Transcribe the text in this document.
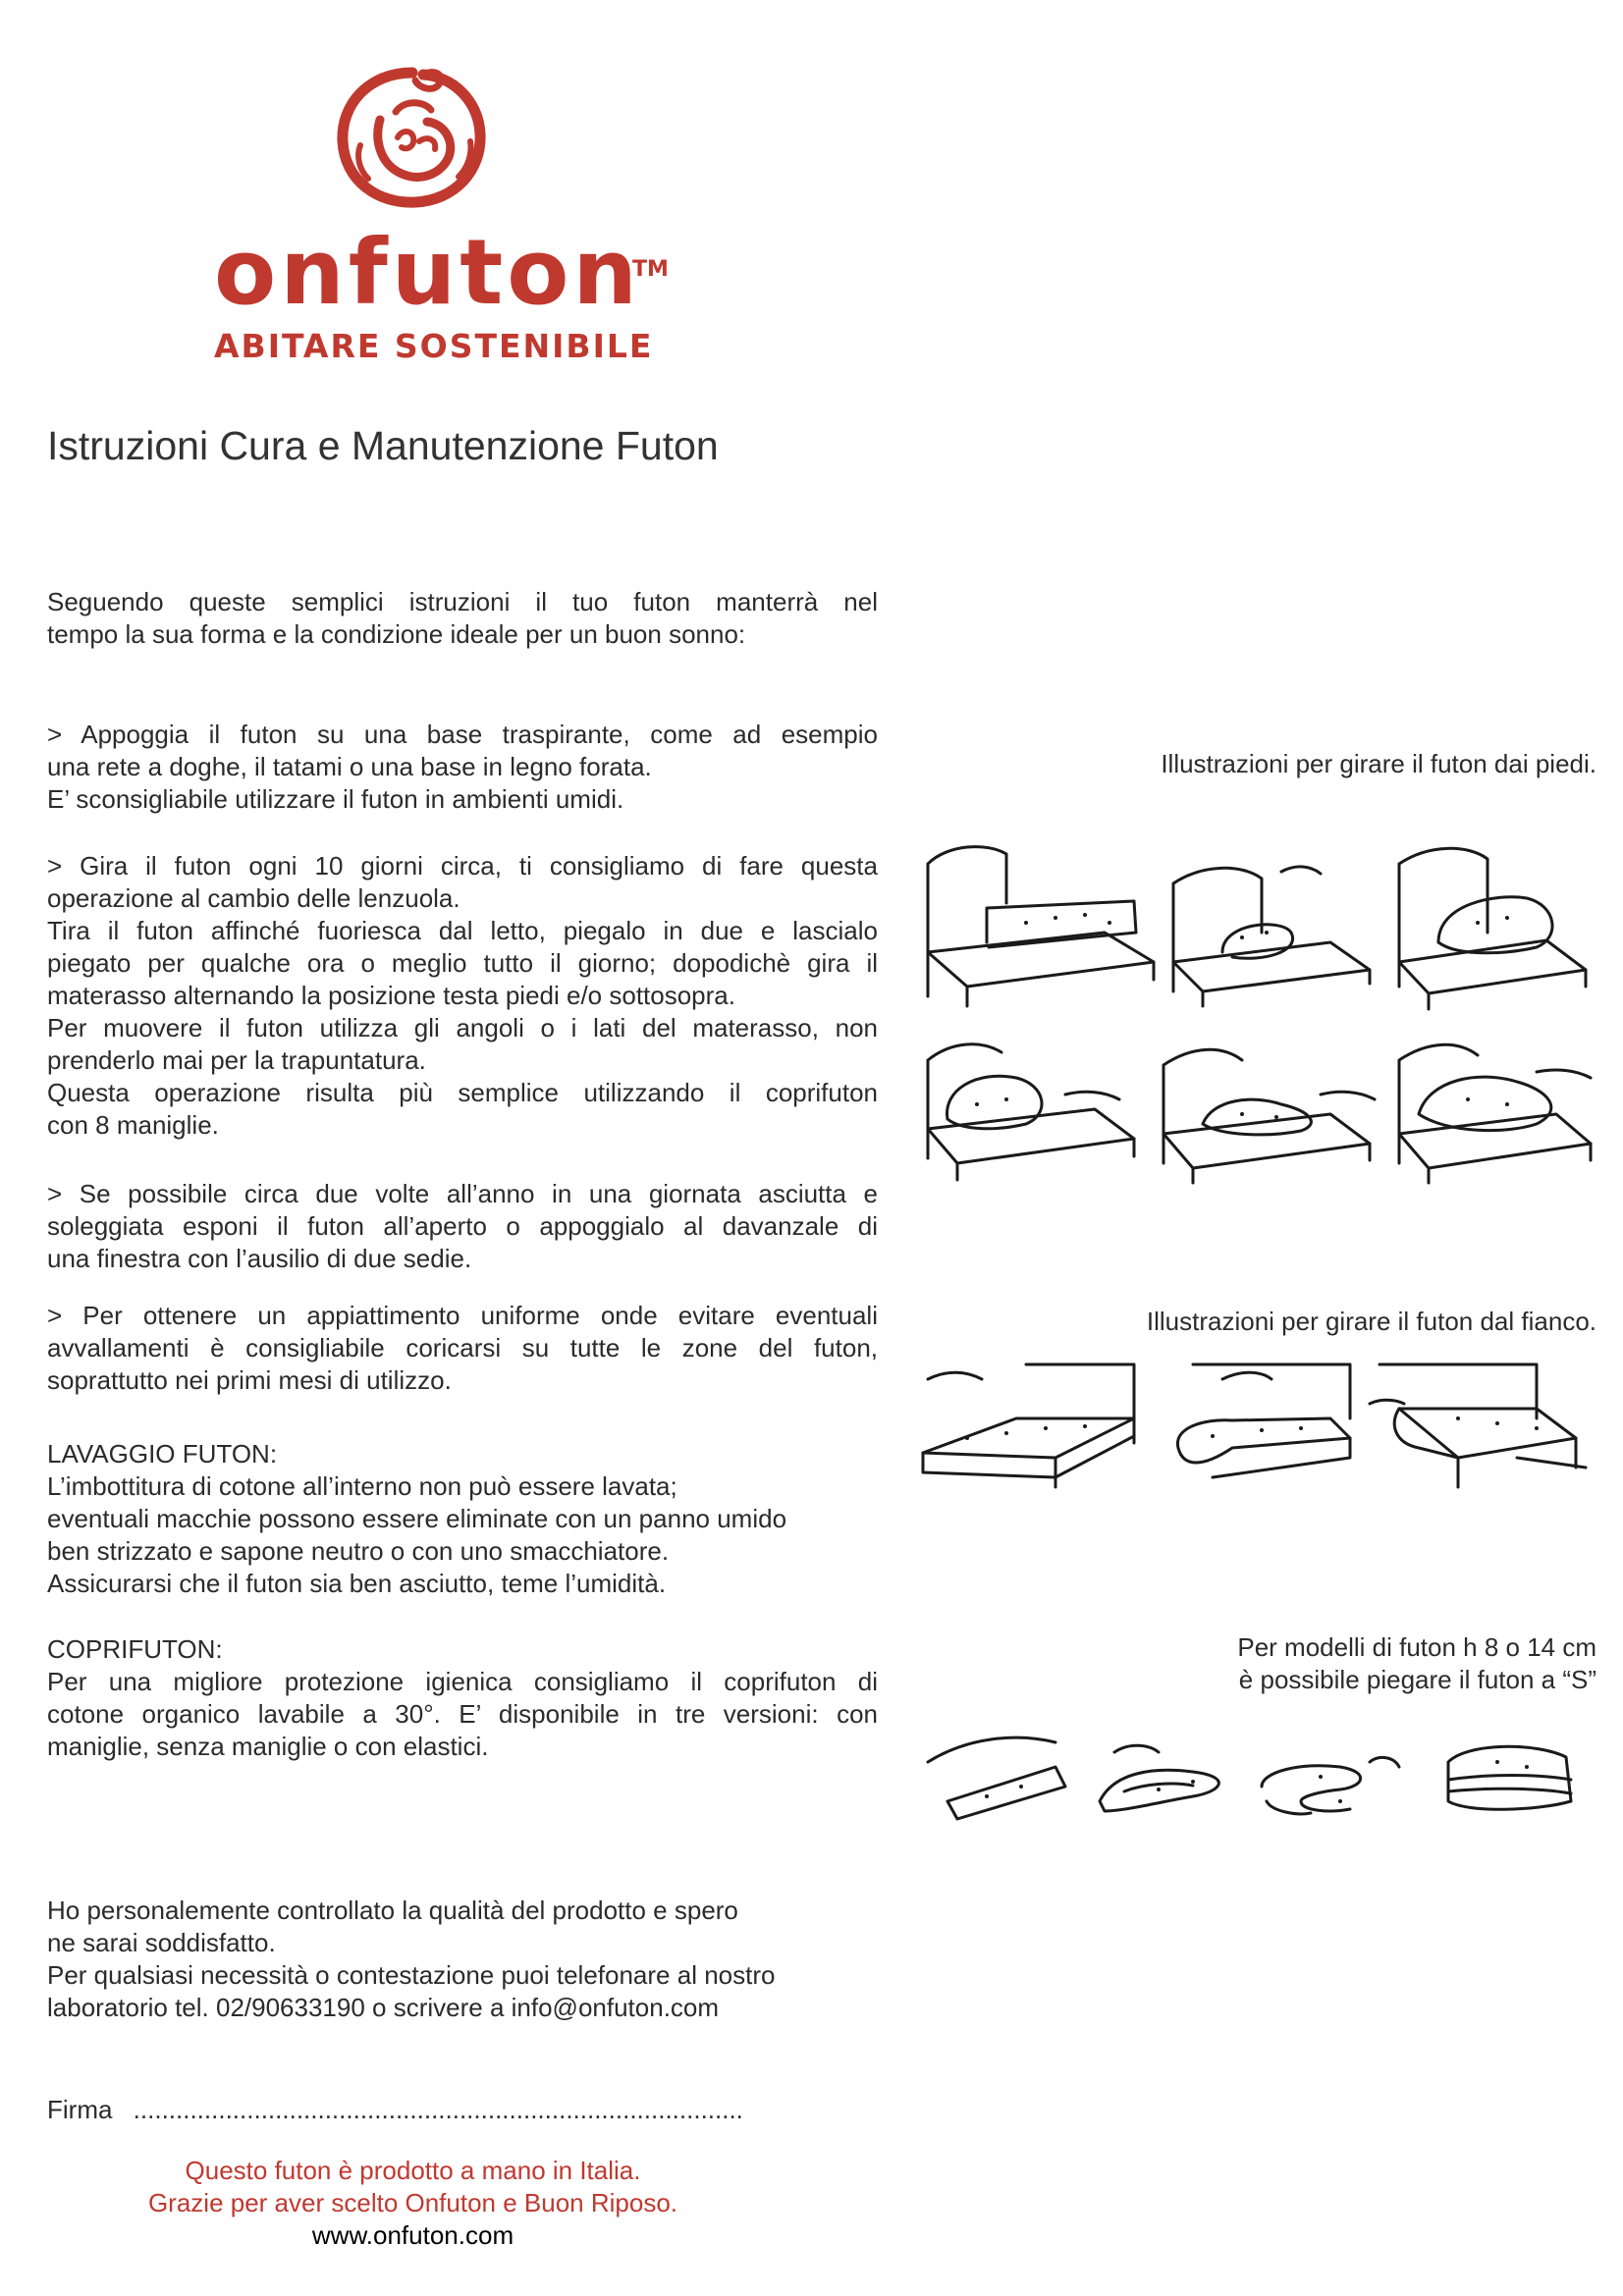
onfuton
TM
ABITARE SOSTENIBILE
Istruzioni Cura e Manutenzione Futon
Seguendo queste semplici istruzioni il tuo futon manterrà nel
tempo la sua forma e la condizione ideale per un buon sonno:
> Appoggia il futon su una base traspirante, come ad esempio
una rete a doghe, il tatami o una base in legno forata.
E’ sconsigliabile utilizzare il futon in ambienti umidi.
> Gira il futon ogni 10 giorni circa, ti consigliamo di fare questa
operazione al cambio delle lenzuola.
Tira il futon affinché fuoriesca dal letto, piegalo in due e lascialo
piegato per qualche ora o meglio tutto il giorno; dopodichè gira il
materasso alternando la posizione testa piedi e/o sottosopra.
Per muovere il futon utilizza gli angoli o i lati del materasso, non
prenderlo mai per la trapuntatura.
Questa operazione risulta più semplice utilizzando il coprifuton
con 8 maniglie.
> Se possibile circa due volte all’anno in una giornata asciutta e
soleggiata esponi il futon all’aperto o appoggialo al davanzale di
una finestra con l’ausilio di due sedie.
> Per ottenere un appiattimento uniforme onde evitare eventuali
avvallamenti è consigliabile coricarsi su tutte le zone del futon,
soprattutto nei primi mesi di utilizzo.
LAVAGGIO FUTON:
L’imbottitura di cotone all’interno non può essere lavata;
eventuali macchie possono essere eliminate con un panno umido
ben strizzato e sapone neutro o con uno smacchiatore.
Assicurarsi che il futon sia ben asciutto, teme l’umidità.
COPRIFUTON:
Per una migliore protezione igienica consigliamo il coprifuton di
cotone organico lavabile a 30°. E’ disponibile in tre versioni: con
maniglie, senza maniglie o con elastici.
Ho personalemente controllato la qualità del prodotto e spero
ne sarai soddisfatto.
Per qualsiasi necessità o contestazione puoi telefonare al nostro
laboratorio tel. 02/90633190 o scrivere a info@onfuton.com
Firma ......................................................................................
Questo futon è prodotto a mano in Italia.
Grazie per aver scelto Onfuton e Buon Riposo.
www.onfuton.com
Illustrazioni per girare il futon dai piedi.
Illustrazioni per girare il futon dal fianco.
Per modelli di futon h 8 o 14 cm
è possibile piegare il futon a “S”
